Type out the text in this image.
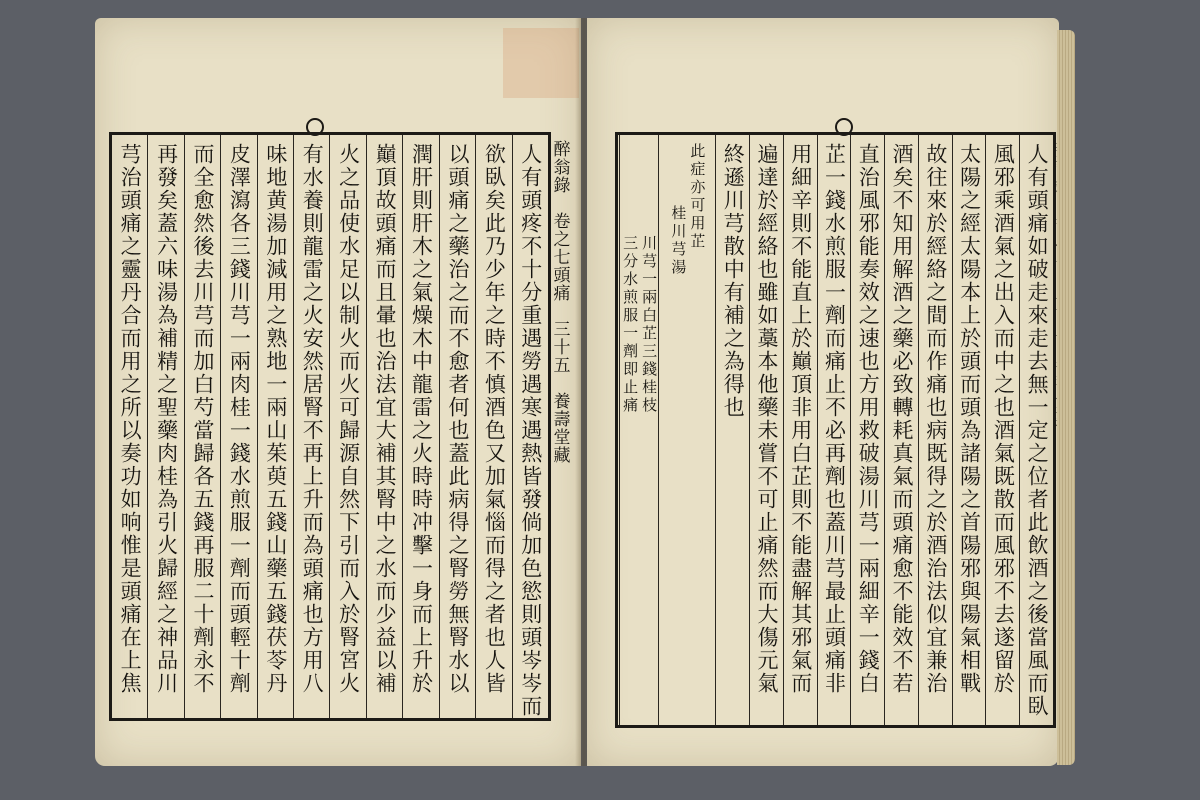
人有頭疼不十分重遇勞遇寒遇熱皆發倘加色慾則頭岑岑而
欲臥矣此乃少年之時不慎酒色又加氣惱而得之者也人皆
以頭痛之藥治之而不愈者何也蓋此病得之腎勞無腎水以
潤肝則肝木之氣燥木中龍雷之火時時冲擊一身而上升於
巔頂故頭痛而且暈也治法宜大補其腎中之水而少益以補
火之品使水足以制火而火可歸源自然下引而入於腎宮火
有水養則龍雷之火安然居腎不再上升而為頭痛也方用八
味地黄湯加減用之熟地一兩山茱萸五錢山藥五錢茯苓丹
皮澤瀉各三錢川芎一兩肉桂一錢水煎服一劑而頭輕十劑
而全愈然後去川芎而加白芍當歸各五錢再服二十劑永不
再發矣蓋六味湯為補精之聖藥肉桂為引火歸經之神品川
芎治頭痛之靈丹合而用之所以奏功如响惟是頭痛在上焦	醉翁錄　卷之七頭痛　三十五　養壽堂藏	人有頭痛如破走來走去無一定之位者此飲酒之後當風而臥
風邪乘酒氣之出入而中之也酒氣既散而風邪不去遂留於
太陽之經太陽本上於頭而頭為諸陽之首陽邪與陽氣相戰
故往來於經絡之間而作痛也病既得之於酒治法似宜兼治
酒矣不知用解酒之藥必致轉耗真氣而頭痛愈不能效不若
直治風邪能奏效之速也方用救破湯川芎一兩細辛一錢白
芷一錢水煎服一劑而痛止不必再劑也蓋川芎最止頭痛非
用細辛則不能直上於巔頂非用白芷則不能盡解其邪氣而
遍達於經絡也雖如藁本他藥未嘗不可止痛然而大傷元氣
終遜川芎散中有補之為得也
此症亦可用芷
桂川芎湯
川芎一兩白芷三錢桂枝
三分水煎服一劑即止痛
